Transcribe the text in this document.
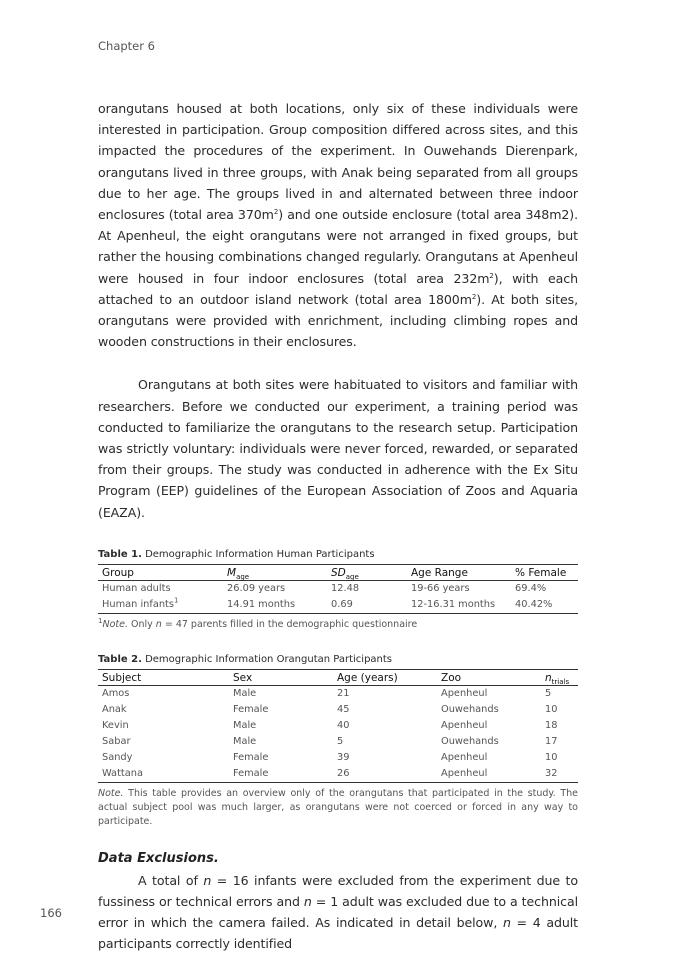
Chapter 6

orangutans housed at both locations, only six of these individuals were interested in participation. Group composition differed across sites, and this impacted the procedures of the experiment. In Ouwehands Dierenpark, orangutans lived in three groups, with Anak being separated from all groups due to her age. The groups lived in and alternated between three indoor enclosures (total area $370m^2$) and one outside enclosure (total area 348m2). At Apenheul, the eight orangutans were not arranged in fixed groups, but rather the housing combinations changed regularly. Orangutans at Apenheul were housed in four indoor enclosures (total area $232m^2$), with each attached to an outdoor island network (total area $1800m^2$). At both sites, orangutans were provided with enrichment, including climbing ropes and wooden constructions in their enclosures.

Orangutans at both sites were habituated to visitors and familiar with researchers. Before we conducted our experiment, a training period was conducted to familiarize the orangutans to the research setup. Participation was strictly voluntary: individuals were never forced, rewarded, or separated from their groups. The study was conducted in adherence with the Ex Situ Program (EEP) guidelines of the European Association of Zoos and Aquaria (EAZA).

Table 1. Demographic Information Human Participants
Group	$M_{age}$	$SD_{age}$	Age Range	% Female
Human adults	26.09 years	12.48	19-66 years	69.4%
Human infants$^1$	14.91 months	0.69	12-16.31 months	40.42%
$^1$Note. Only n = 47 parents filled in the demographic questionnaire
Table 2. Demographic Information Orangutan Participants
Subject	Sex	Age (years)	Zoo	$n_{trials}$
Amos	Male	21	Apenheul	5
Anak	Female	45	Ouwehands	10
Kevin	Male	40	Apenheul	18
Sabar	Male	5	Ouwehands	17
Sandy	Female	39	Apenheul	10
Wattana	Female	26	Apenheul	32
Note. This table provides an overview only of the orangutans that participated in the study. The actual subject pool was much larger, as orangutans were not coerced or forced in any way to participate.
Data Exclusions.

A total of n = 16 infants were excluded from the experiment due to fussiness or technical errors and n = 1 adult was excluded due to a technical error in which the camera failed. As indicated in detail below, n = 4 adult participants correctly identified

166
